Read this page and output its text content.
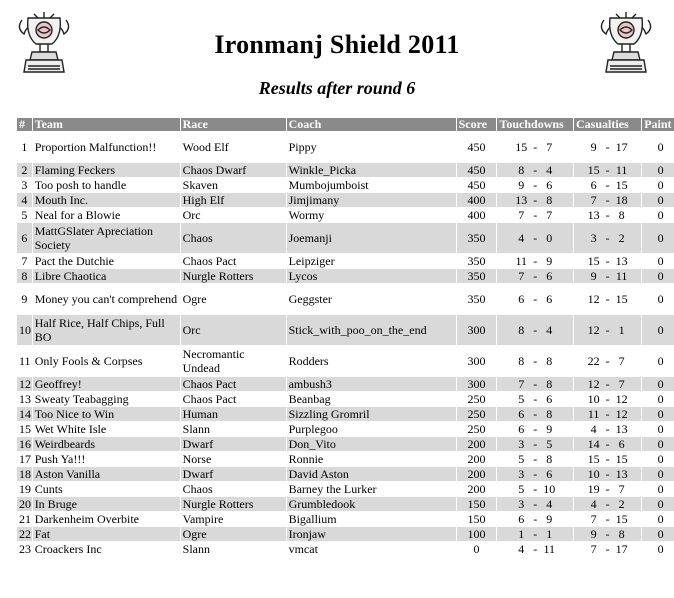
Ironmanj Shield 2011
Results after round 6
#	Team	Race	Coach	Score	Touchdowns	Casualties	Paint
1	Proportion Malfunction!!	Wood Elf	Pippy	450	15 - 7	9 - 17	0
2	Flaming Feckers	Chaos Dwarf	Winkle_Picka	450	8 - 4	15 - 11	0
3	Too posh to handle	Skaven	Mumbojumboist	450	9 - 6	6 - 15	0
4	Mouth Inc.	High Elf	Jimjimany	400	13 - 8	7 - 18	0
5	Neal for a Blowie	Orc	Wormy	400	7 - 7	13 - 8	0
6	MattGSlater Apreciation Society	Chaos	Joemanji	350	4 - 0	3 - 2	0
7	Pact the Dutchie	Chaos Pact	Leipziger	350	11 - 9	15 - 13	0
8	Libre Chaotica	Nurgle Rotters	Lycos	350	7 - 6	9 - 11	0
9	Money you can't comprehend	Ogre	Geggster	350	6 - 6	12 - 15	0
10	Half Rice, Half Chips, Full BO	Orc	Stick_with_poo_on_the_end	300	8 - 4	12 - 1	0
11	Only Fools & Corpses	Necromantic Undead	Rodders	300	8 - 8	22 - 7	0
12	Geoffrey!	Chaos Pact	ambush3	300	7 - 8	12 - 7	0
13	Sweaty Teabagging	Chaos Pact	Beanbag	250	5 - 6	10 - 12	0
14	Too Nice to Win	Human	Sizzling Gromril	250	6 - 8	11 - 12	0
15	Wet White Isle	Slann	Purplegoo	250	6 - 9	4 - 13	0
16	Weirdbeards	Dwarf	Don_Vito	200	3 - 5	14 - 6	0
17	Push Ya!!!	Norse	Ronnie	200	5 - 8	15 - 15	0
18	Aston Vanilla	Dwarf	David Aston	200	3 - 6	10 - 13	0
19	Cunts	Chaos	Barney the Lurker	200	5 - 10	19 - 7	0
20	In Bruge	Nurgle Rotters	Grumbledook	150	3 - 4	4 - 2	0
21	Darkenheim Overbite	Vampire	Bigallium	150	6 - 9	7 - 15	0
22	Fat	Ogre	Ironjaw	100	1 - 1	9 - 8	0
23	Croackers Inc	Slann	vmcat	0	4 - 11	7 - 17	0
